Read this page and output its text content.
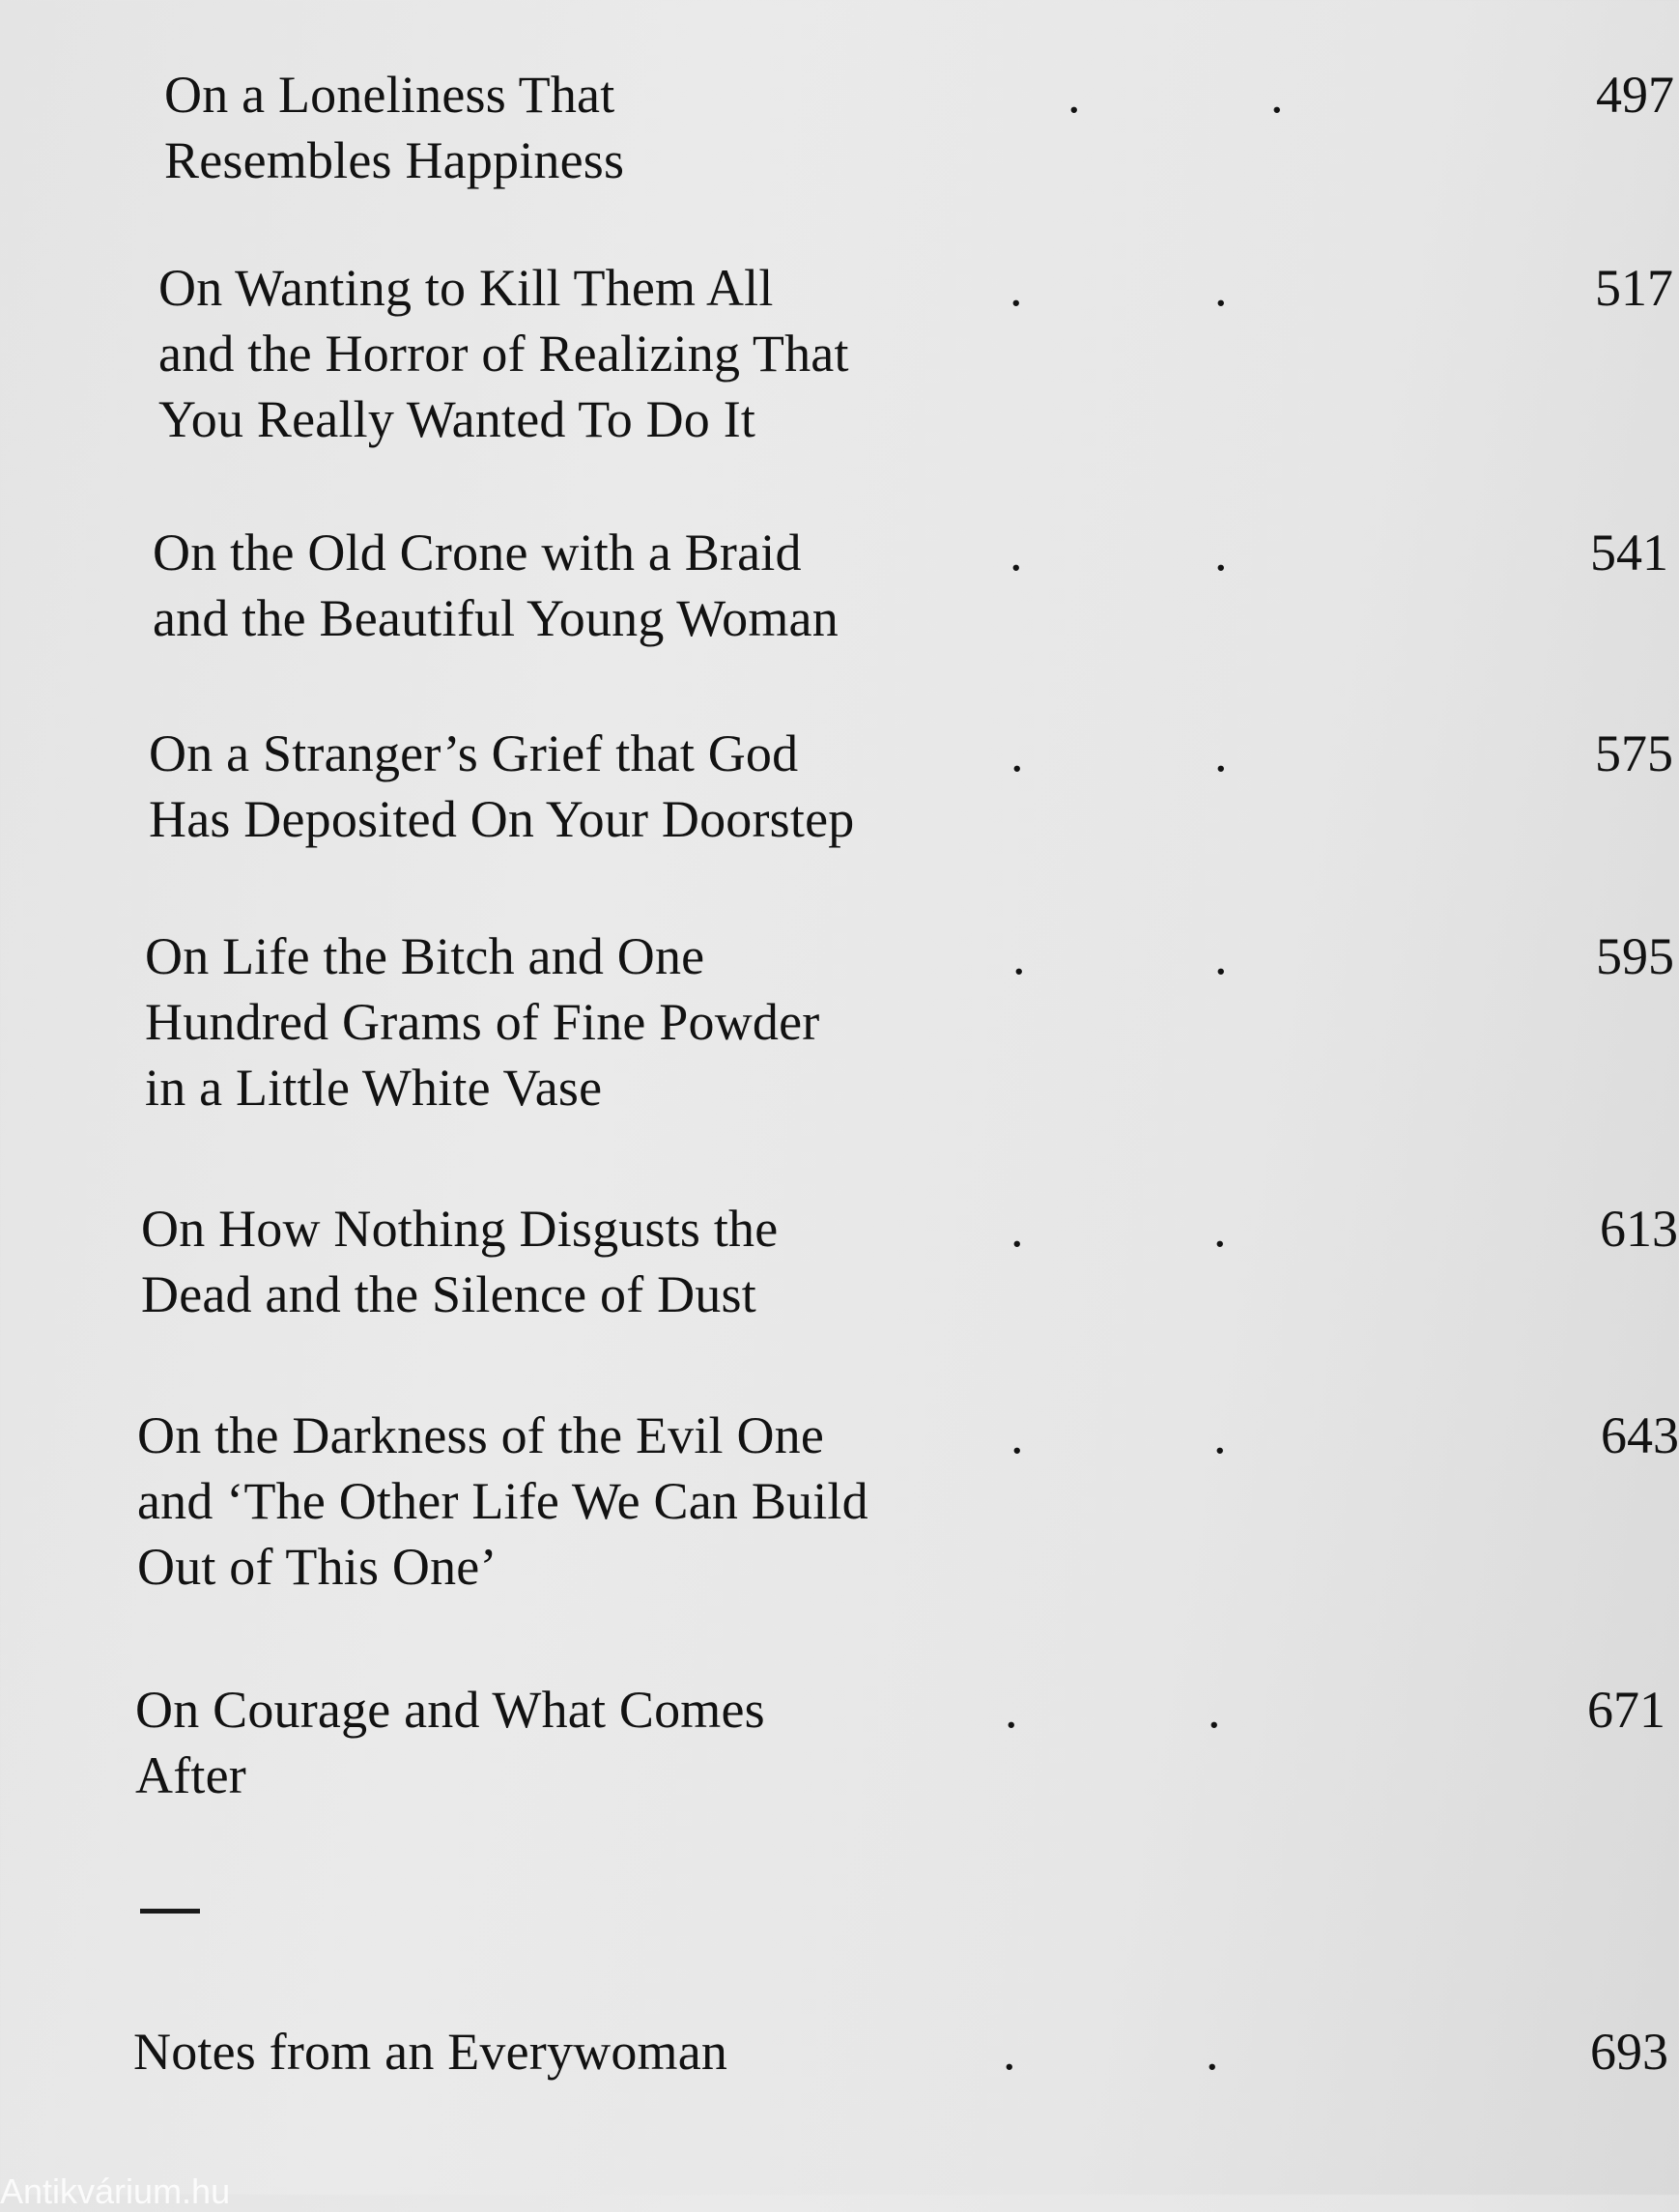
On a Loneliness That
Resembles Happiness
.	.	497
On Wanting to Kill Them All
and the Horror of Realizing That
You Really Wanted To Do It
.	.	517
On the Old Crone with a Braid
and the Beautiful Young Woman
.	.	541
On a Stranger’s Grief that God
Has Deposited On Your Doorstep
.	.	575
On Life the Bitch and One
Hundred Grams of Fine Powder
in a Little White Vase
.	.	595
On How Nothing Disgusts the
Dead and the Silence of Dust
.	.	613
On the Darkness of the Evil One
and ‘The Other Life We Can Build
Out of This One’
.	.	643
On Courage and What Comes
After
.	.	671
Notes from an Everywoman	.	.	693
Antikvárium.hu
